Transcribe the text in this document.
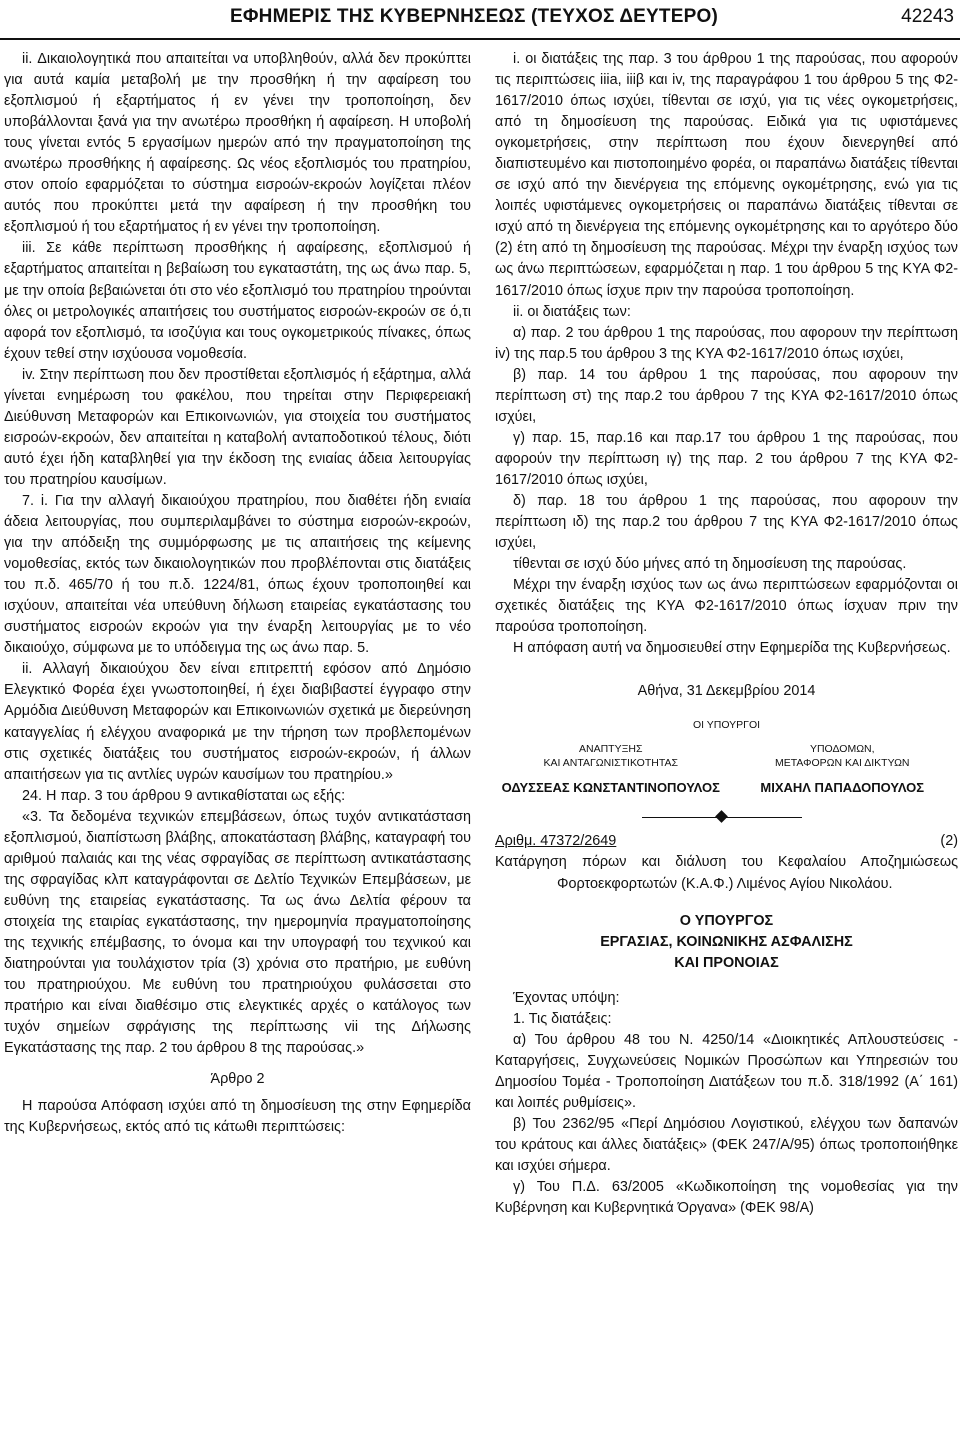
ΕΦΗΜΕΡΙΣ ΤΗΣ ΚΥΒΕΡΝΗΣΕΩΣ (ΤΕΥΧΟΣ ΔΕΥΤΕΡΟ)	42243

ii. Δικαιολογητικά που απαιτείται να υποβληθούν, αλλά δεν προκύπτει για αυτά καμία μεταβολή με την προσθήκη ή την αφαίρεση του εξοπλισμού ή εξαρτήματος ή εν γένει την τροποποίηση, δεν υποβάλλονται ξανά για την ανωτέρω προσθήκη ή αφαίρεση. Η υποβολή τους γίνεται εντός 5 εργασίμων ημερών από την πραγματοποίηση της ανωτέρω προσθήκης ή αφαίρεσης. Ως νέος εξοπλισμός του πρατηρίου, στον οποίο εφαρμόζεται το σύστημα εισροών-εκροών λογίζεται πλέον αυτός που προκύπτει μετά την αφαίρεση ή την προσθήκη του εξοπλισμού ή του εξαρτήματος ή εν γένει την τροποποίηση.

iii. Σε κάθε περίπτωση προσθήκης ή αφαίρεσης, εξοπλισμού ή εξαρτήματος απαιτείται η βεβαίωση του εγκαταστάτη, της ως άνω παρ. 5, με την οποία βεβαιώνεται ότι στο νέο εξοπλισμό του πρατηρίου τηρούνται όλες οι μετρολογικές απαιτήσεις του συστήματος εισροών-εκροών σε ό,τι αφορά τον εξοπλισμό, τα ισοζύγια και τους ογκομετρικούς πίνακες, όπως έχουν τεθεί στην ισχύουσα νομοθεσία.

iv. Στην περίπτωση που δεν προστίθεται εξοπλισμός ή εξάρτημα, αλλά γίνεται ενημέρωση του φακέλου, που τηρείται στην Περιφερειακή Διεύθυνση Μεταφορών και Επικοινωνιών, για στοιχεία του συστήματος εισροών-εκροών, δεν απαιτείται η καταβολή ανταποδοτικού τέλους, διότι αυτό έχει ήδη καταβληθεί για την έκδοση της ενιαίας άδεια λειτουργίας του πρατηρίου καυσίμων.

7. i. Για την αλλαγή δικαιούχου πρατηρίου, που διαθέτει ήδη ενιαία άδεια λειτουργίας, που συμπεριλαμβάνει το σύστημα εισροών-εκροών, για την απόδειξη της συμμόρφωσης με τις απαιτήσεις της κείμενης νομοθεσίας, εκτός των δικαιολογητικών που προβλέπονται στις διατάξεις του π.δ. 465/70 ή του π.δ. 1224/81, όπως έχουν τροποποιηθεί και ισχύουν, απαιτείται νέα υπεύθυνη δήλωση εταιρείας εγκατάστασης του συστήματος εισροών εκροών για την έναρξη λειτουργίας με το νέο δικαιούχο, σύμφωνα με το υπόδειγμα της ως άνω παρ. 5.

ii. Αλλαγή δικαιούχου δεν είναι επιτρεπτή εφόσον από Δημόσιο Ελεγκτικό Φορέα έχει γνωστοποιηθεί, ή έχει διαβιβαστεί έγγραφο στην Αρμόδια Διεύθυνση Μεταφορών και Επικοινωνιών σχετικά με διερεύνηση καταγγελίας ή ελέγχου αναφορικά με την τήρηση των προβλεπομένων στις σχετικές διατάξεις του συστήματος εισροών-εκροών, ή άλλων απαιτήσεων για τις αντλίες υγρών καυσίμων του πρατηρίου.»

24. Η παρ. 3 του άρθρου 9 αντικαθίσταται ως εξής:

«3. Τα δεδομένα τεχνικών επεμβάσεων, όπως τυχόν αντικατάσταση εξοπλισμού, διαπίστωση βλάβης, αποκατάσταση βλάβης, καταγραφή του αριθμού παλαιάς και της νέας σφραγίδας σε περίπτωση αντικατάστασης της σφραγίδας κλπ καταγράφονται σε Δελτίο Τεχνικών Επεμβάσεων, με ευθύνη της εταιρείας εγκατάστασης. Τα ως άνω Δελτία φέρουν τα στοιχεία της εταιρίας εγκατάστασης, την ημερομηνία πραγματοποίησης της τεχνικής επέμβασης, το όνομα και την υπογραφή του τεχνικού και διατηρούνται για τουλάχιστον τρία (3) χρόνια στο πρατήριο, με ευθύνη του πρατηριούχου. Με ευθύνη του πρατηριούχου φυλάσσεται στο πρατήριο και είναι διαθέσιμο στις ελεγκτικές αρχές ο κατάλογος των τυχόν σημείων σφράγισης της περίπτωσης vii της Δήλωσης Εγκατάστασης της παρ. 2 του άρθρου 8 της παρούσας.»

Άρθρο 2

Η παρούσα Απόφαση ισχύει από τη δημοσίευση της στην Εφημερίδα της Κυβερνήσεως, εκτός από τις κάτωθι περιπτώσεις:

i. οι διατάξεις της παρ. 3 του άρθρου 1 της παρούσας, που αφορούν τις περιπτώσεις iiia, iiiβ και iv, της παραγράφου 1 του άρθρου 5 της Φ2-1617/2010 όπως ισχύει, τίθενται σε ισχύ, για τις νέες ογκομετρήσεις, από τη δημοσίευση της παρούσας. Ειδικά για τις υφιστάμενες ογκομετρήσεις, στην περίπτωση που έχουν διενεργηθεί από διαπιστευμένο και πιστοποιημένο φορέα, οι παραπάνω διατάξεις τίθενται σε ισχύ από την διενέργεια της επόμενης ογκομέτρησης, ενώ για τις λοιπές υφιστάμενες ογκομετρήσεις οι παραπάνω διατάξεις τίθενται σε ισχύ από τη διενέργεια της επόμενης ογκομέτρησης και το αργότερο δύο (2) έτη από τη δημοσίευση της παρούσας. Μέχρι την έναρξη ισχύος των ως άνω περιπτώσεων, εφαρμόζεται η παρ. 1 του άρθρου 5 της ΚΥΑ Φ2-1617/2010 όπως ίσχυε πριν την παρούσα τροποποίηση.

ii. οι διατάξεις των:

α) παρ. 2 του άρθρου 1 της παρούσας, που αφορουν την περίπτωση iv) της παρ.5 του άρθρου 3 της ΚΥΑ Φ2-1617/2010 όπως ισχύει,

β) παρ. 14 του άρθρου 1 της παρούσας, που αφορουν την περίπτωση στ) της παρ.2 του άρθρου 7 της ΚΥΑ Φ2-1617/2010 όπως ισχύει,

γ) παρ. 15, παρ.16 και παρ.17 του άρθρου 1 της παρούσας, που αφορούν την περίπτωση ιγ) της παρ. 2 του άρθρου 7 της ΚΥΑ Φ2-1617/2010 όπως ισχύει,

δ) παρ. 18 του άρθρου 1 της παρούσας, που αφορουν την περίπτωση ιδ) της παρ.2 του άρθρου 7 της ΚΥΑ Φ2-1617/2010 όπως ισχύει,

τίθενται σε ισχύ δύο μήνες από τη δημοσίευση της παρούσας.

Μέχρι την έναρξη ισχύος των ως άνω περιπτώσεων εφαρμόζονται οι σχετικές διατάξεις της ΚΥΑ Φ2-1617/2010 όπως ίσχυαν πριν την παρούσα τροποποίηση.

Η απόφαση αυτή να δημοσιευθεί στην Εφημερίδα της Κυβερνήσεως.

Αθήνα, 31 Δεκεμβρίου 2014

ΟΙ ΥΠΟΥΡΓΟΙ

ΑΝΑΠΤΥΞΗΣ
ΚΑΙ ΑΝΤΑΓΩΝΙΣΤΙΚΟΤΗΤΑΣ
ΟΔΥΣΣΕΑΣ ΚΩΝΣΤΑΝΤΙΝΟΠΟΥΛΟΣ
ΥΠΟΔΟΜΩΝ,
ΜΕΤΑΦΟΡΩΝ ΚΑΙ ΔΙΚΤΥΩΝ
ΜΙΧΑΗΛ ΠΑΠΑΔΟΠΟΥΛΟΣ
Αριθμ. 47372/2649	(2)

Κατάργηση πόρων και διάλυση του Κεφαλαίου Αποζημιώσεως Φορτοεκφορτωτών (Κ.Α.Φ.) Λιμένος Αγίου Νικολάου.

Ο ΥΠΟΥΡΓΟΣ

ΕΡΓΑΣΙΑΣ, ΚΟΙΝΩΝΙΚΗΣ ΑΣΦΑΛΙΣΗΣ

ΚΑΙ ΠΡΟΝΟΙΑΣ

Έχοντας υπόψη:

1. Τις διατάξεις:

α) Του άρθρου 48 του Ν. 4250/14 «Διοικητικές Απλουστεύσεις - Καταργήσεις, Συγχωνεύσεις Νομικών Προσώπων και Υπηρεσιών του Δημοσίου Τομέα - Τροποποίηση Διατάξεων του π.δ. 318/1992 (Α΄ 161) και λοιπές ρυθμίσεις».

β) Του 2362/95 «Περί Δημόσιου Λογιστικού, ελέγχου των δαπανών του κράτους και άλλες διατάξεις» (ΦΕΚ 247/Α/95) όπως τροποποιήθηκε και ισχύει σήμερα.

γ) Του Π.Δ. 63/2005 «Κωδικοποίηση της νομοθεσίας για την Κυβέρνηση και Κυβερνητικά Όργανα» (ΦΕΚ 98/Α)
